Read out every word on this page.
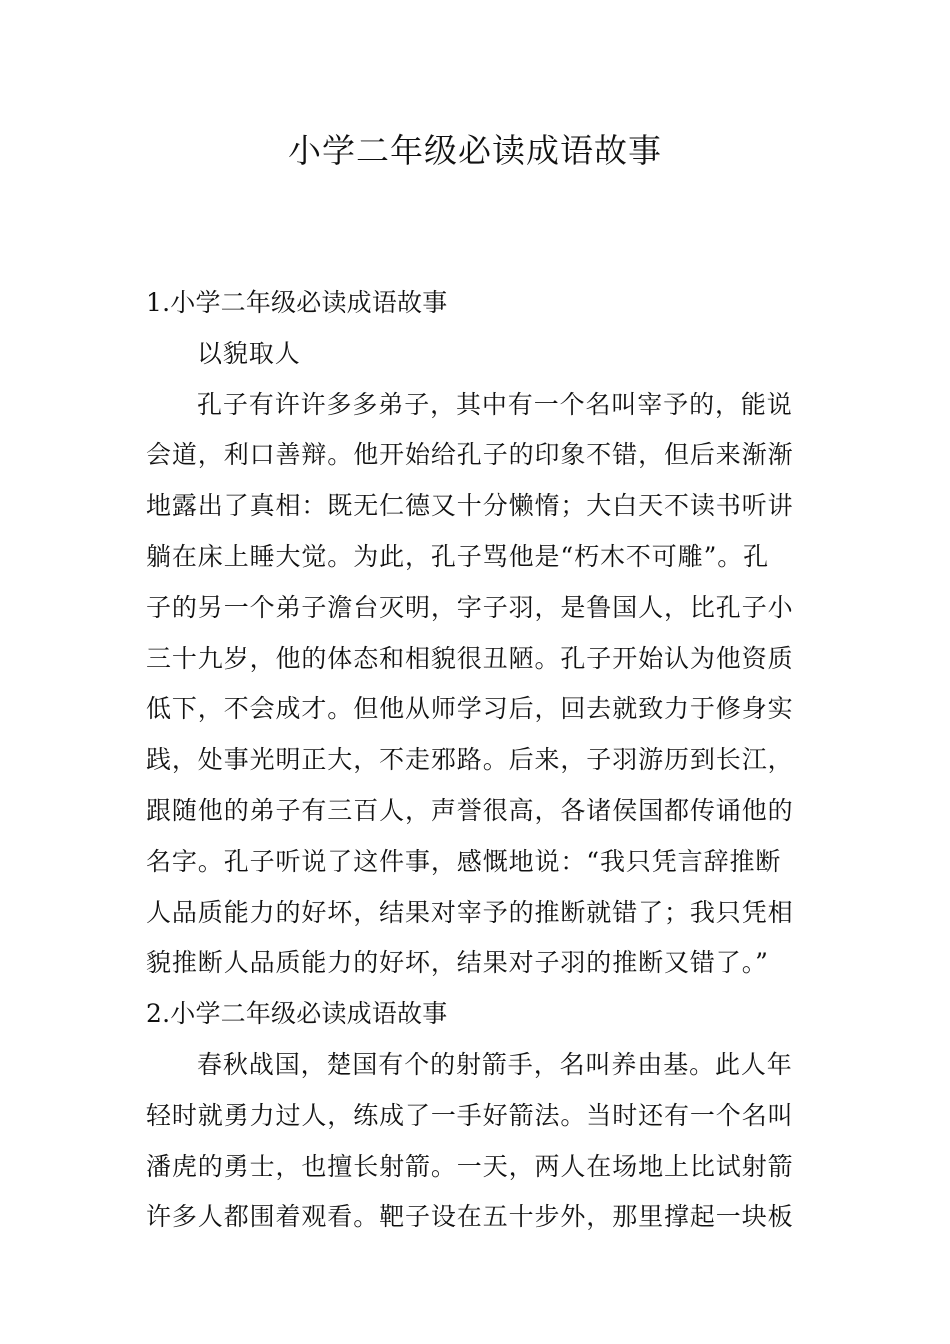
小学二年级必读成语故事
1.小学二年级必读成语故事
以貌取人
孔子有许许多多弟子，其中有一个名叫宰予的，能说
会道，利口善辩。他开始给孔子的印象不错，但后来渐渐
地露出了真相：既无仁德又十分懒惰；大白天不读书听讲
躺在床上睡大觉。为此，孔子骂他是“朽木不可雕”。孔
子的另一个弟子澹台灭明，字子羽，是鲁国人，比孔子小
三十九岁，他的体态和相貌很丑陋。孔子开始认为他资质
低下，不会成才。但他从师学习后，回去就致力于修身实
践，处事光明正大，不走邪路。后来，子羽游历到长江，
跟随他的弟子有三百人，声誉很高，各诸侯国都传诵他的
名字。孔子听说了这件事，感慨地说：“我只凭言辞推断
人品质能力的好坏，结果对宰予的推断就错了；我只凭相
貌推断人品质能力的好坏，结果对子羽的推断又错了。”
2.小学二年级必读成语故事
春秋战国，楚国有个的射箭手，名叫养由基。此人年
轻时就勇力过人，练成了一手好箭法。当时还有一个名叫
潘虎的勇士，也擅长射箭。一天，两人在场地上比试射箭
许多人都围着观看。靶子设在五十步外，那里撑起一块板
